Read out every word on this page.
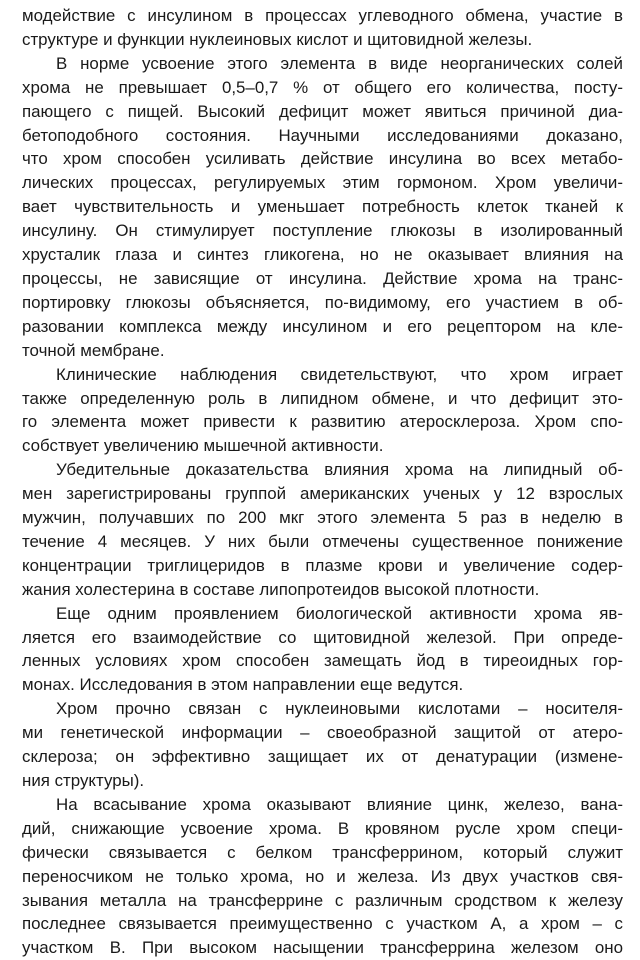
модействие с инсулином в процессах углеводного обмена, участие в
структуре и функции нуклеиновых кислот и щитовидной железы.
В норме усвоение этого элемента в виде неорганических солей
хрома не превышает 0,5–0,7 % от общего его количества, посту-
пающего с пищей. Высокий дефицит может явиться причиной диа-
бетоподобного состояния. Научными исследованиями доказано,
что хром способен усиливать действие инсулина во всех метабо-
лических процессах, регулируемых этим гормоном. Хром увеличи-
вает чувствительность и уменьшает потребность клеток тканей к
инсулину. Он стимулирует поступление глюкозы в изолированный
хрусталик глаза и синтез гликогена, но не оказывает влияния на
процессы, не зависящие от инсулина. Действие хрома на транс-
портировку глюкозы объясняется, по-видимому, его участием в об-
разовании комплекса между инсулином и его рецептором на кле-
точной мембране.
Клинические наблюдения свидетельствуют, что хром играет
также определенную роль в липидном обмене, и что дефицит это-
го элемента может привести к развитию атеросклероза. Хром спо-
собствует увеличению мышечной активности.
Убедительные доказательства влияния хрома на липидный об-
мен зарегистрированы группой американских ученых у 12 взрослых
мужчин, получавших по 200 мкг этого элемента 5 раз в неделю в
течение 4 месяцев. У них были отмечены существенное понижение
концентрации триглицеридов в плазме крови и увеличение содер-
жания холестерина в составе липопротеидов высокой плотности.
Еще одним проявлением биологической активности хрома яв-
ляется его взаимодействие со щитовидной железой. При опреде-
ленных условиях хром способен замещать йод в тиреоидных гор-
монах. Исследования в этом направлении еще ведутся.
Хром прочно связан с нуклеиновыми кислотами – носителя-
ми генетической информации – своеобразной защитой от атеро-
склероза; он эффективно защищает их от денатурации (измене-
ния структуры).
На всасывание хрома оказывают влияние цинк, железо, вана-
дий, снижающие усвоение хрома. В кровяном русле хром специ-
фически связывается с белком трансферрином, который служит
переносчиком не только хрома, но и железа. Из двух участков свя-
зывания металла на трансферрине с различным сродством к железу
последнее связывается преимущественно с участком А, а хром – с
участком В. При высоком насыщении трансферрина железом оно
